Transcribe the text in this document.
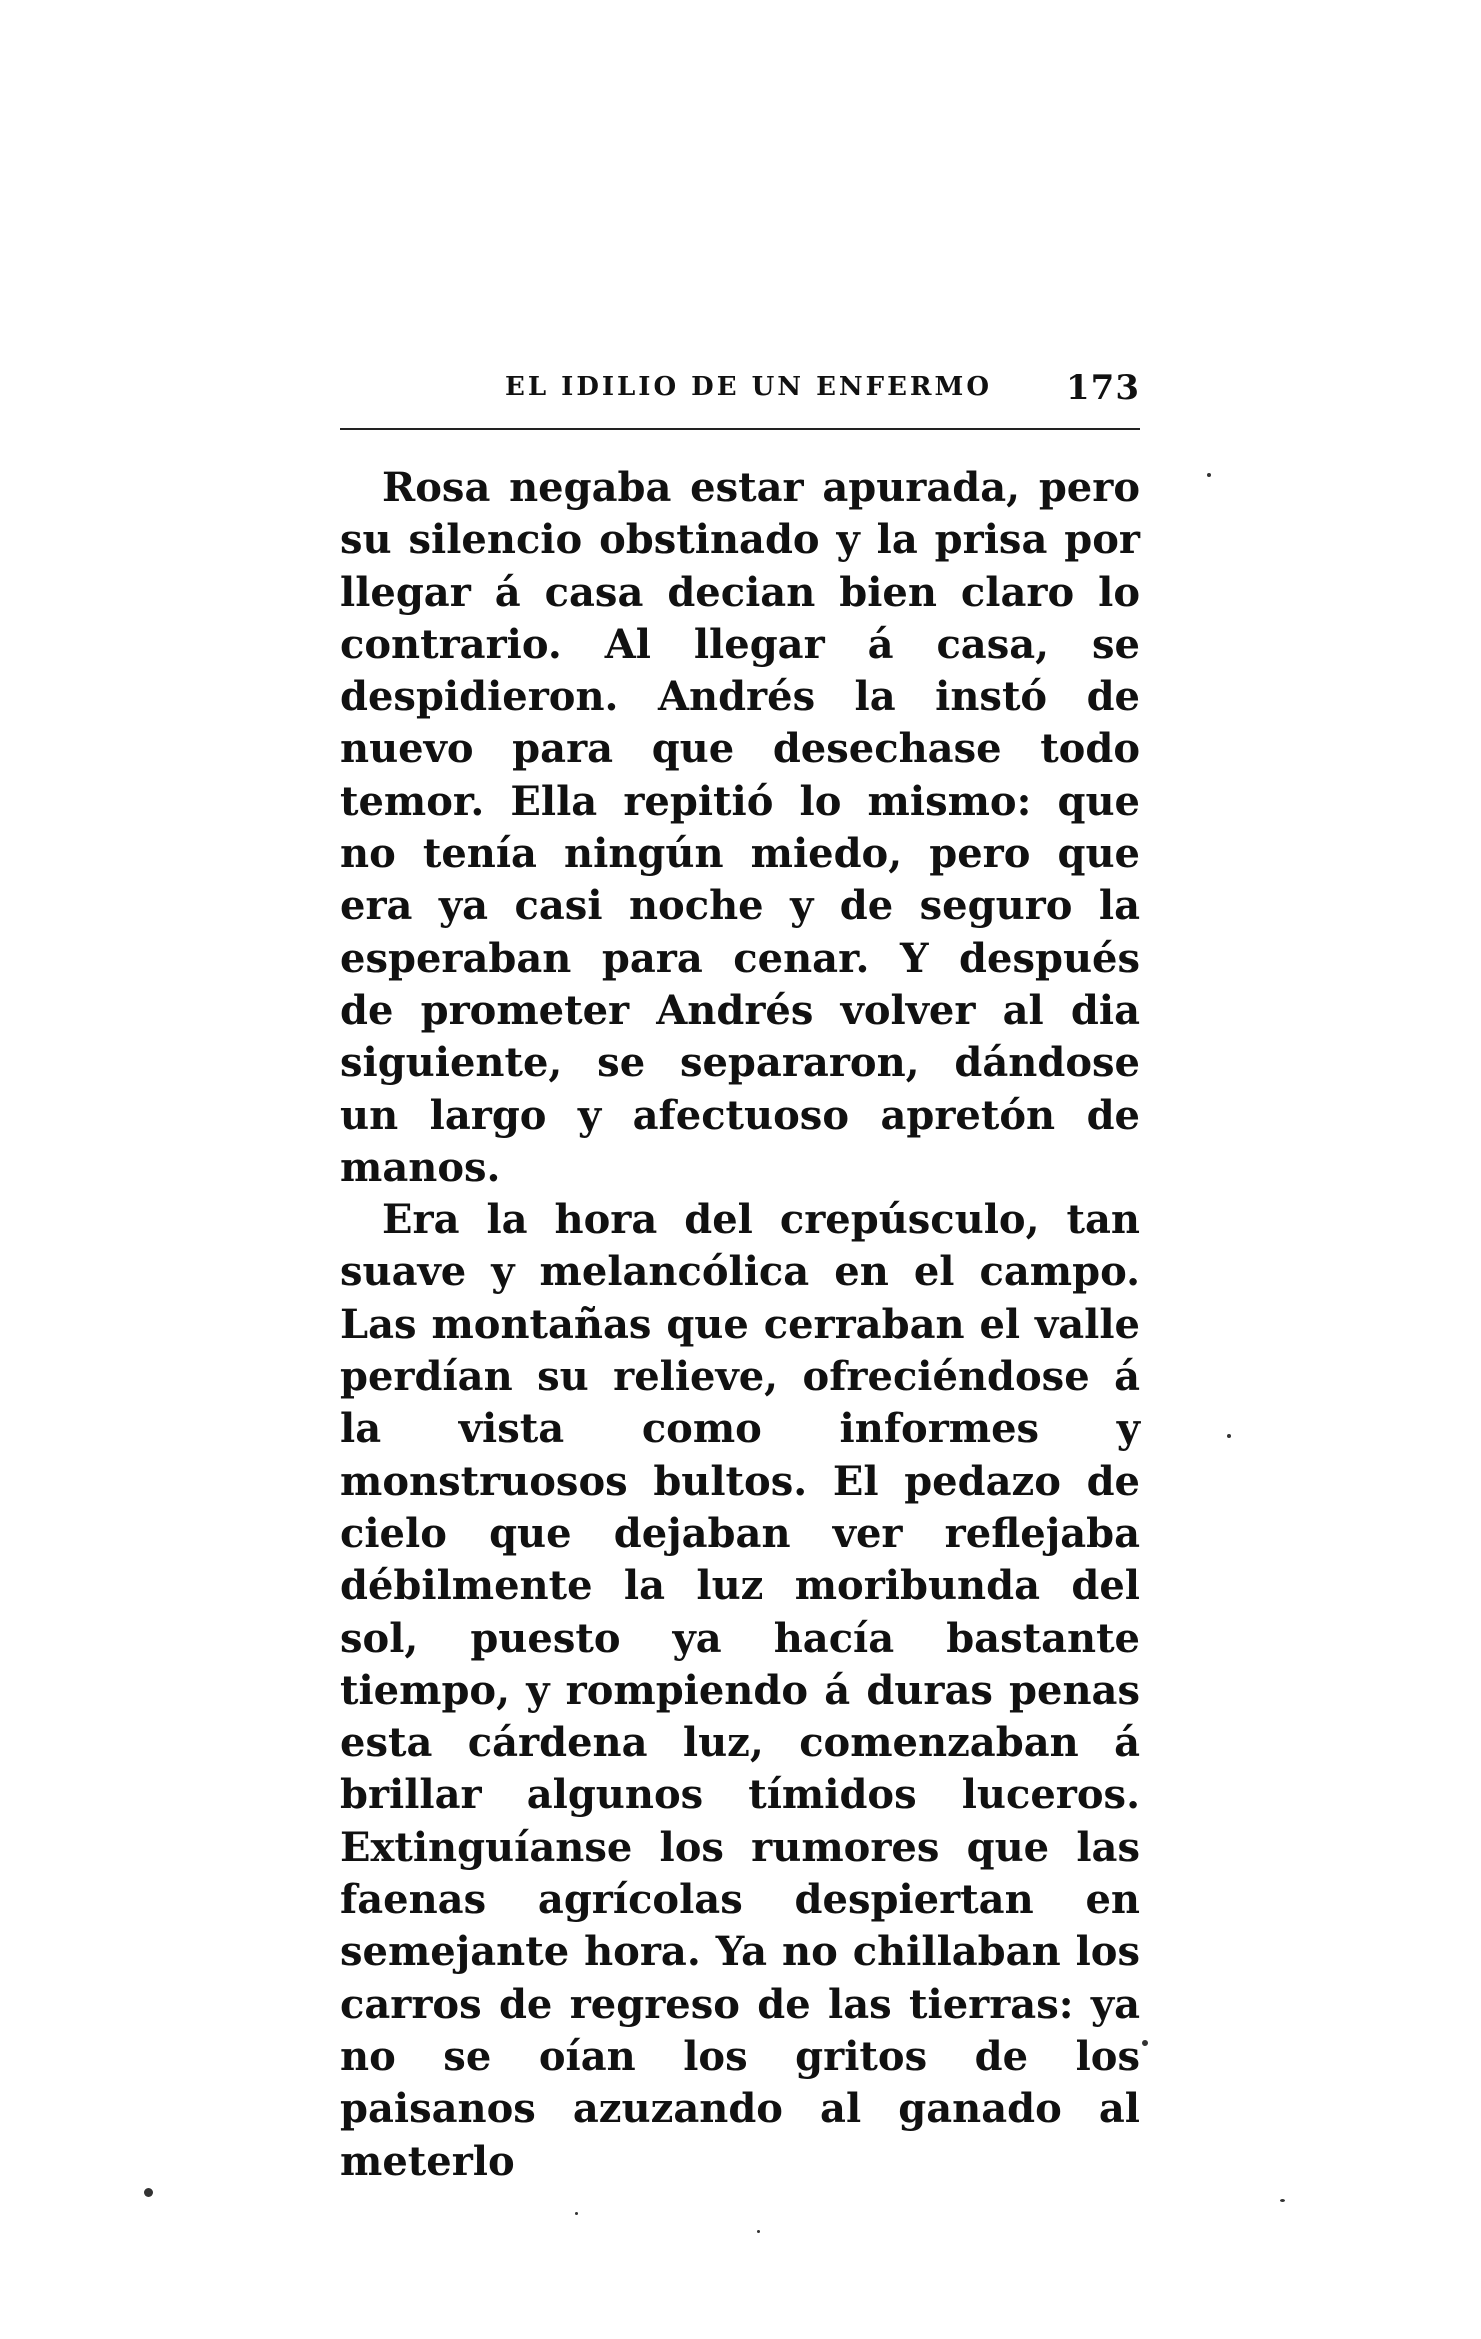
EL IDILIO DE UN ENFERMO 173

Rosa negaba estar apurada, pero su silencio obstinado y la prisa por llegar á casa decian bien claro lo contrario. Al llegar á casa, se despidieron. Andrés la instó de nuevo para que desechase todo temor. Ella repitió lo mismo: que no tenía ningún miedo, pero que era ya casi noche y de seguro la esperaban para cenar. Y después de prometer Andrés volver al dia siguiente, se separaron, dándose un largo y afectuoso apretón de manos.

Era la hora del crepúsculo, tan suave y melancólica en el campo. Las montañas que cerraban el valle perdían su relieve, ofreciéndose á la vista como informes y monstruosos bultos. El pedazo de cielo que dejaban ver reflejaba débilmente la luz moribunda del sol, puesto ya hacía bastante tiempo, y rompiendo á duras penas esta cárdena luz, comenzaban á brillar algunos tímidos luceros. Extinguíanse los rumores que las faenas agrícolas despiertan en semejante hora. Ya no chillaban los carros de regreso de las tierras: ya no se oían los gritos de los paisanos azuzando al ganado al meterlo
